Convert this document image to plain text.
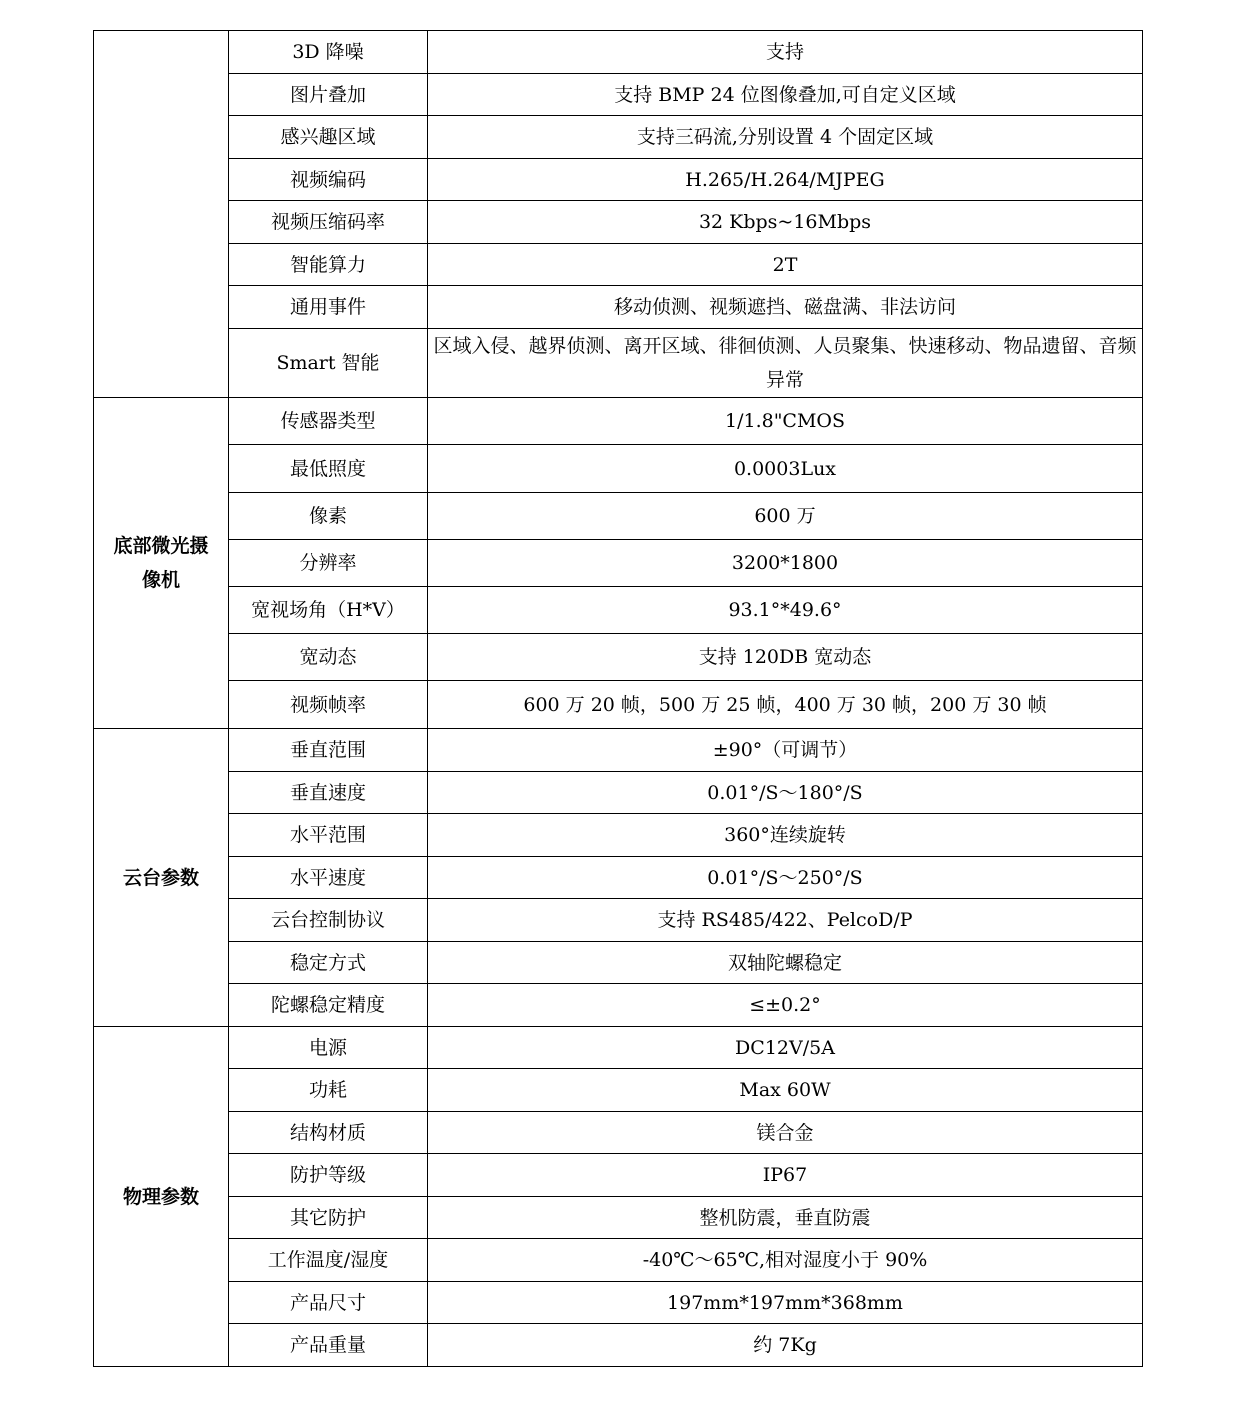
	3D 降噪	支持
	图片叠加	支持 BMP 24 位图像叠加,可自定义区域
	感兴趣区域	支持三码流,分别设置 4 个固定区域
	视频编码	H.265/H.264/MJPEG
	视频压缩码率	32 Kbps~16Mbps
	智能算力	2T
	通用事件	移动侦测、视频遮挡、磁盘满、非法访问
	Smart 智能	区域入侵、越界侦测、离开区域、徘徊侦测、人员聚集、快速移动、物品遗留、音频异常
底部微光摄像机	传感器类型	1/1.8"CMOS
	最低照度	0.0003Lux
	像素	600 万
	分辨率	3200*1800
	宽视场角（H*V）	93.1°*49.6°
	宽动态	支持 120DB 宽动态
	视频帧率	600 万 20 帧，500 万 25 帧，400 万 30 帧，200 万 30 帧
云台参数	垂直范围	±90°（可调节）
	垂直速度	0.01°/S～180°/S
	水平范围	360°连续旋转
	水平速度	0.01°/S～250°/S
	云台控制协议	支持 RS485/422、PelcoD/P
	稳定方式	双轴陀螺稳定
	陀螺稳定精度	≤±0.2°
物理参数	电源	DC12V/5A
	功耗	Max 60W
	结构材质	镁合金
	防护等级	IP67
	其它防护	整机防震，垂直防震
	工作温度/湿度	-40℃～65℃,相对湿度小于 90%
	产品尺寸	197mm*197mm*368mm
	产品重量	约 7Kg
